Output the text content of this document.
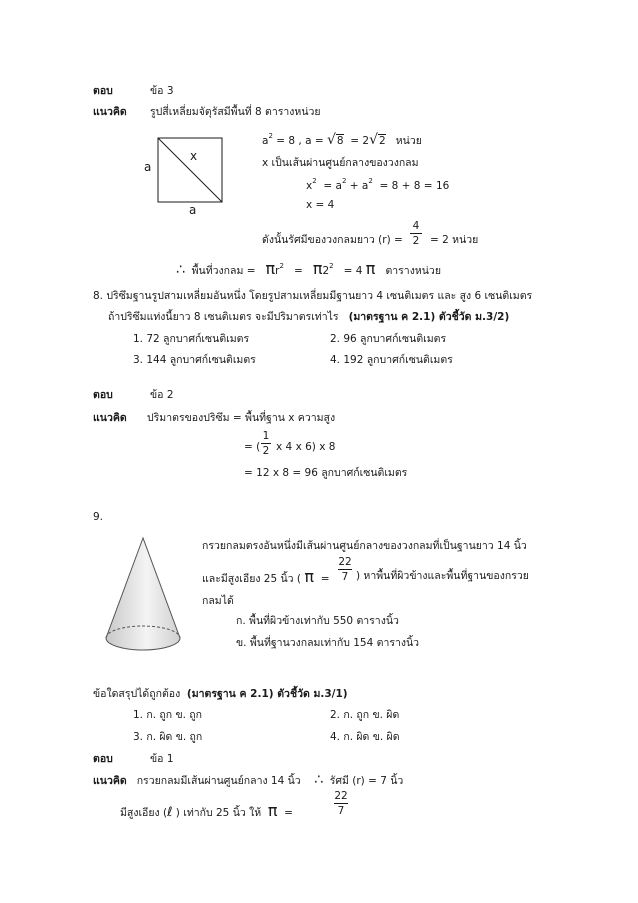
ตอบ	ข้อ 3
แนวคิด รูปสี่เหลี่ยมจัตุรัสมีพื้นที่ 8 ตารางหน่วย
a
a
x
$a^2 = 8$ , a = √8 = 2√2 หน่วย
x เป็นเส้นผ่านศูนย์กลางของวงกลม
$x^2 = a^2 + a^2 = 8 + 8 = 16$
x = 4
ดังนั้นรัศมีของวงกลมยาว (r) =
4
2 = 2 หน่วย
∴ พื้นที่วงกลม = $\pi r^2 = \pi 2^2 = 4$ π ตารางหน่วย
8. ปริซึมฐานรูปสามเหลี่ยมอันหนึ่ง โดยรูปสามเหลี่ยมมีฐานยาว 4 เซนติเมตร และ สูง 6 เซนติเมตร
ถ้าปริซึมแท่งนี้ยาว 8 เซนติเมตร จะมีปริมาตรเท่าไร (มาตรฐาน ค 2.1) ตัวชี้วัด ม.3/2)
1. 72 ลูกบาศก์เซนติเมตร	2. 96 ลูกบาศก์เซนติเมตร
3. 144 ลูกบาศก์เซนติเมตร	4. 192 ลูกบาศก์เซนติเมตร
ตอบ	ข้อ 2
แนวคิด ปริมาตรของปริซึม = พื้นที่ฐาน x ความสูง
= (
1
2 x 4 x 6) x 8
= 12 x 8 = 96 ลูกบาศก์เซนติเมตร
9.
กรวยกลมตรงอันหนึ่งมีเส้นผ่านศูนย์กลางของวงกลมที่เป็นฐานยาว 14 นิ้ว
และมีสูงเอียง 25 นิ้ว ( π =
22
7 ) หาพื้นที่ผิวข้างและพื้นที่ฐานของกรวย
กลมได้
ก. พื้นที่ผิวข้างเท่ากับ 550 ตารางนิ้ว
ข. พื้นที่ฐานวงกลมเท่ากับ 154 ตารางนิ้ว
ข้อใดสรุปได้ถูกต้อง (มาตรฐาน ค 2.1) ตัวชี้วัด ม.3/1)
1. ก. ถูก ข. ถูก	2. ก. ถูก ข. ผิด
3. ก. ผิด ข. ถูก	4. ก. ผิด ข. ผิด
ตอบ	ข้อ 1
แนวคิด กรวยกลมมีเส้นผ่านศูนย์กลาง 14 นิ้ว ∴ รัศมี (r) = 7 นิ้ว
มีสูงเอียง (ℓ ) เท่ากับ 25 นิ้ว ให้ π =
22
7
